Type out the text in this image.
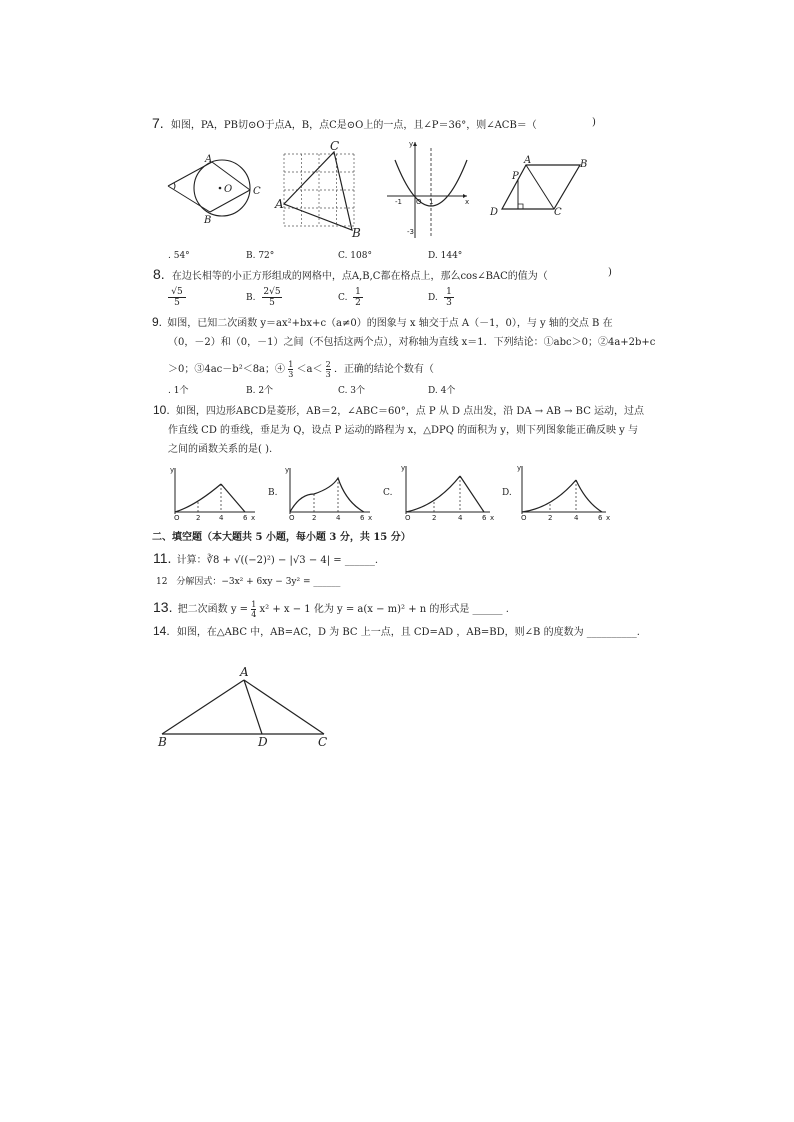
7. 如图，PA，PB切⊙O于点A，B，点C是⊙O上的一点，且∠P＝36°，则∠ACB＝（	)
A
B
C
O
A
B
C
x
y
-1 O 1
-3
D
P
A	B
C
. 54°	B. 72°	C. 108°	D. 144°
8. 在边长相等的小正方形组成的网格中，点A,B,C都在格点上，那么cos∠BAC的值为（	)
$\frac{√5}{5}$	B. $\frac{2√5}{5}$	C. $\frac{1}{2}$	D. $\frac{1}{3}$
9. 如图，已知二次函数 y＝ax²+bx+c（a≠0）的图象与 x 轴交于点 A（－1，0），与 y 轴的交点 B 在
（0，－2）和（0，－1）之间（不包括这两个点），对称轴为直线 x＝1．下列结论：①abc＞0；②4a+2b+c
＞0；③4ac－b²＜8a；④ $\frac{1}{3} <a< \frac{2}{3}$ ．正确的结论个数有（
. 1个	B. 2个	C. 3个	D. 4个
10. 如图，四边形ABCD是菱形，AB＝2，∠ABC＝60°，点 P 从 D 点出发，沿 DA → AB → BC 运动，过点
作直线 CD 的垂线，垂足为 Q，设点 P 运动的路程为 x，△DPQ 的面积为 y，则下列图象能正确反映 y 与
之间的函数关系的是( ).
y
O 2	4	6 x
B.
y
O 2	4	6 x
C.
y
O	2	4	6 x
D.
y
O	2	4	6 x
二、填空题（本大题共 5 小题，每小题 3 分，共 15 分）
11. 计算：∛8 + √((−2)²) − |√3 − 4| = ______.
12 分解因式：−3x² + 6xy − 3y² = ______
13. 把二次函数 $y = \frac{1}{4} x^2 + x - 1$ 化为 y = a(x − m)² + n 的形式是 ______ .
14. 如图，在△ABC 中，AB=AC，D 为 BC 上一点，且 CD=AD ，AB=BD，则∠B 的度数为 __________.
A
B	D	C
